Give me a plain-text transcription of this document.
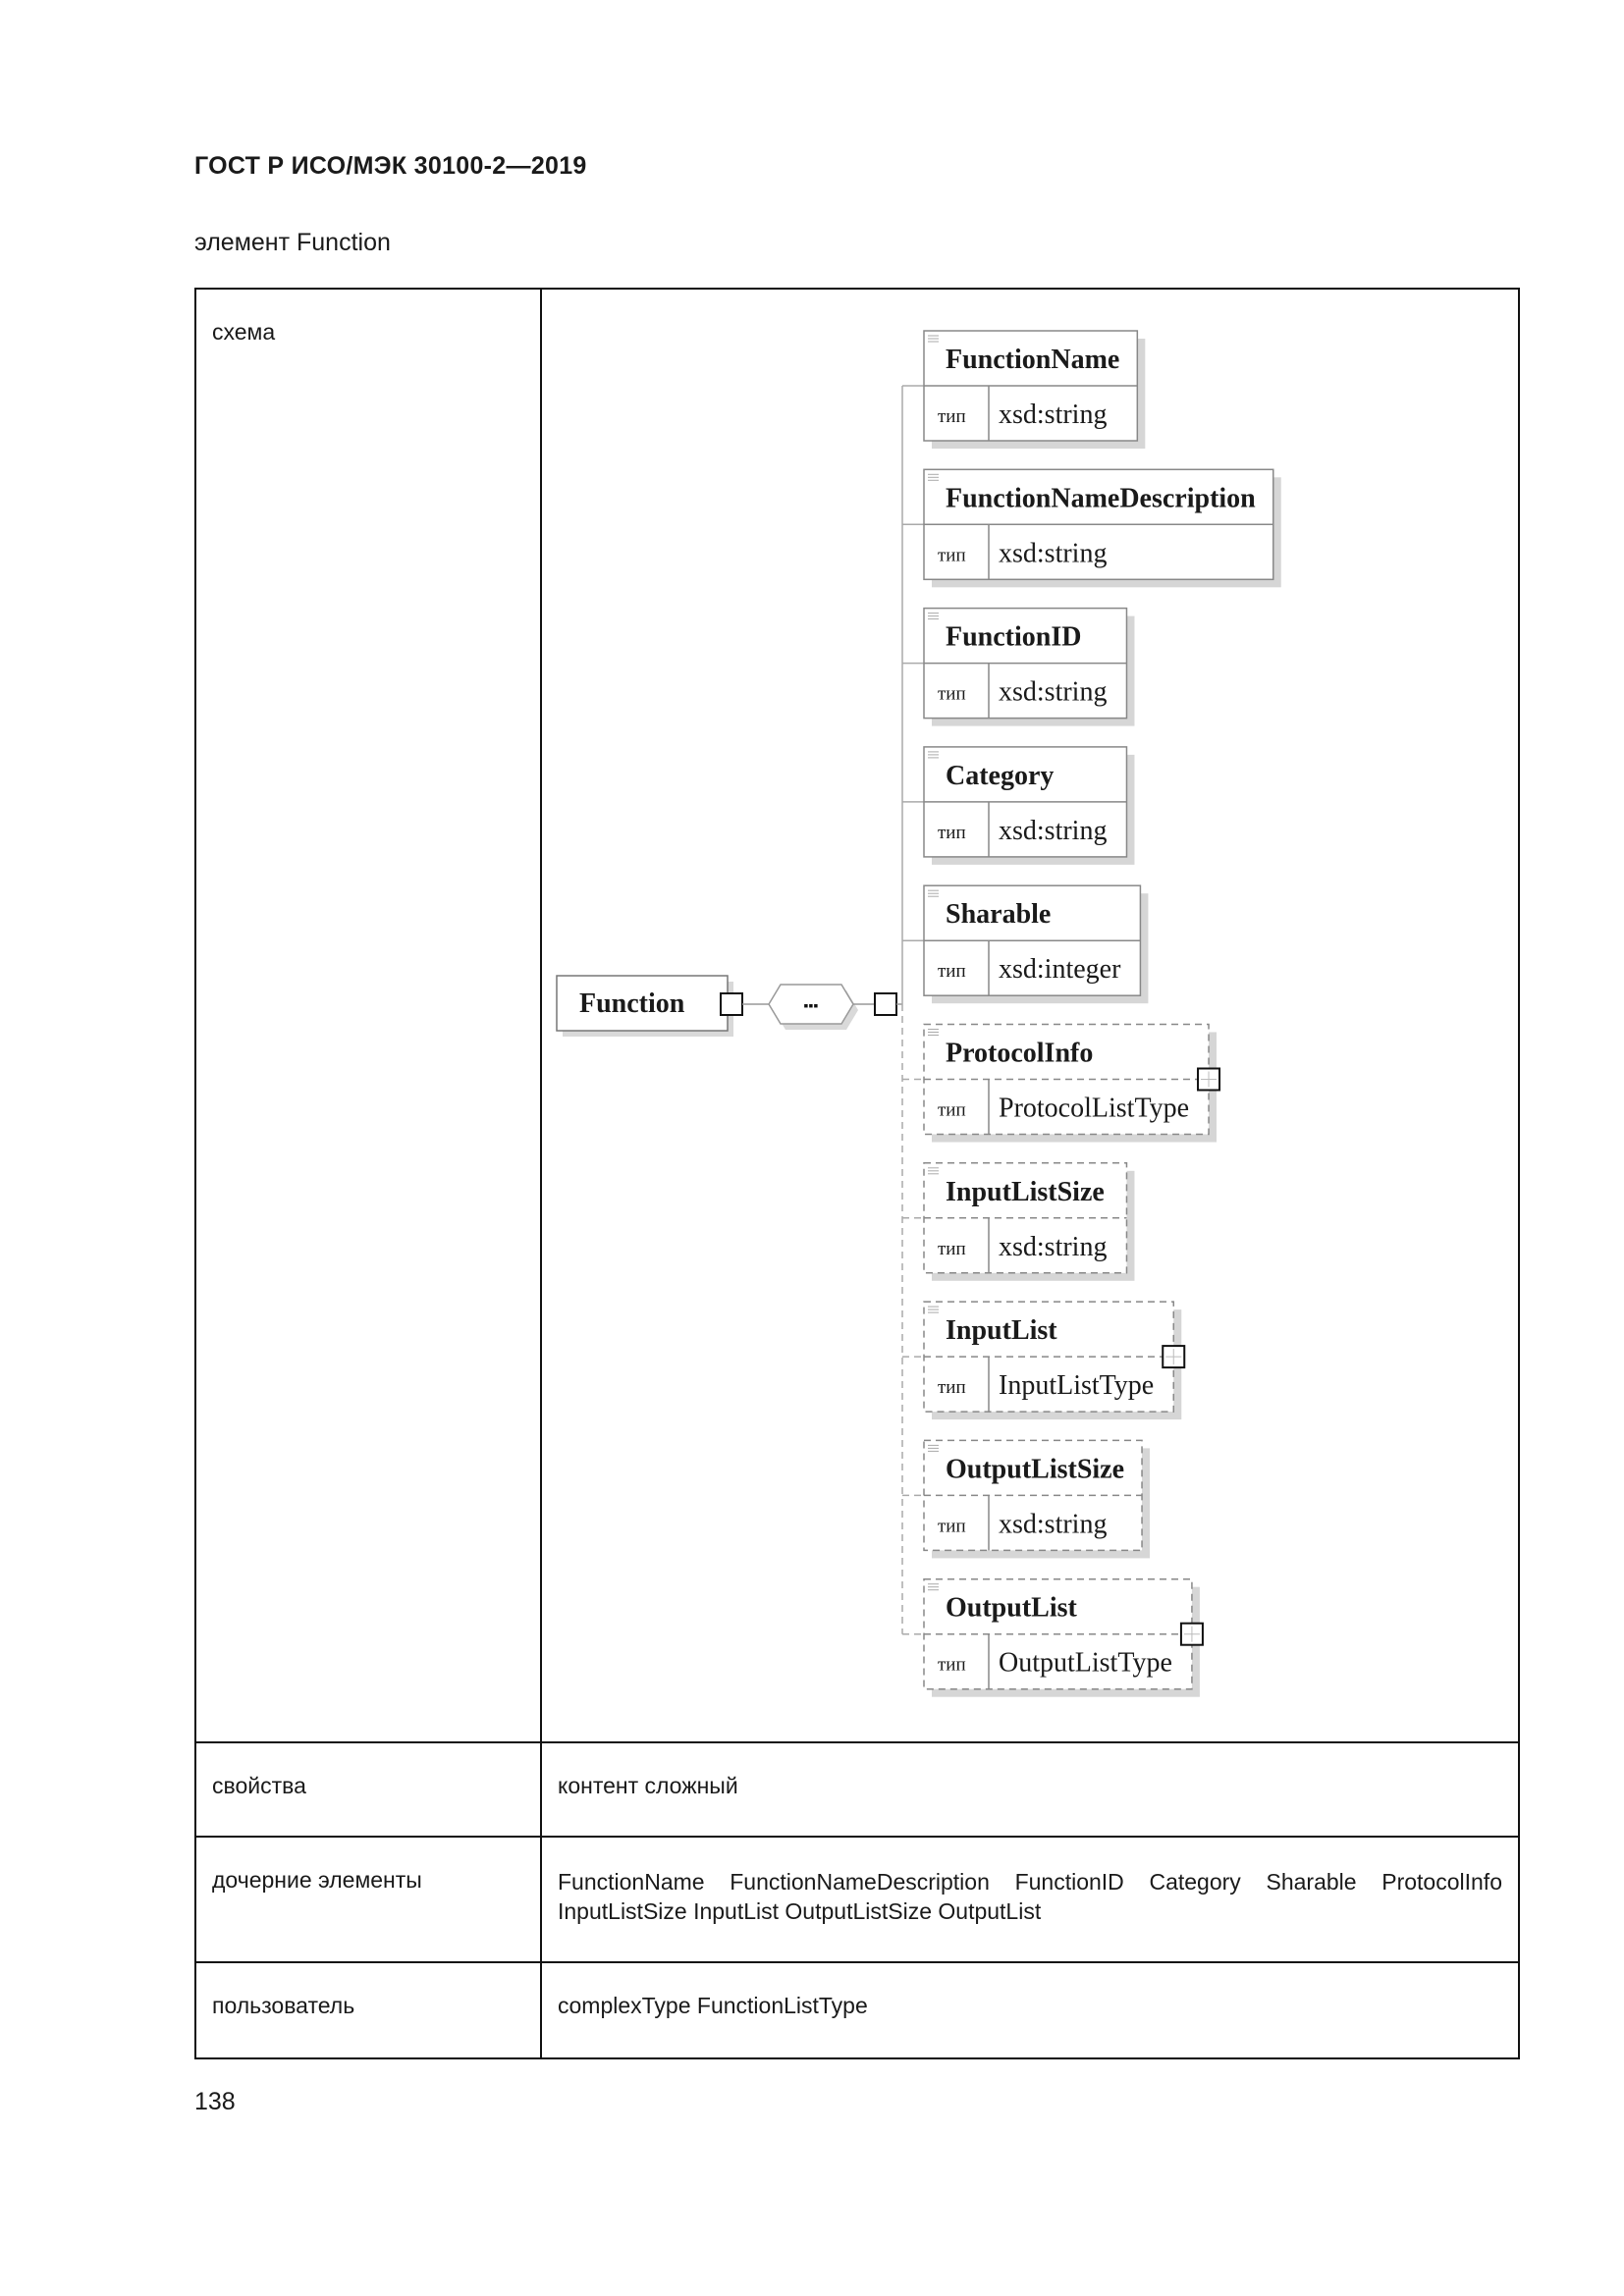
ГОСТ Р ИСО/МЭК 30100-2—2019
элемент Function
схема
Function	▪▪▪
FunctionName
тип xsd:string
FunctionNameDescription
тип xsd:string
FunctionID
тип xsd:string
Category
тип xsd:string
Sharable
тип xsd:integer
ProtocolInfo
тип ProtocolListType
InputListSize
тип xsd:string
InputList
тип InputListType
OutputListSize
тип xsd:string
OutputList
тип OutputListType
свойства	контент сложный
дочерние элементы	FunctionName FunctionNameDescription FunctionID Category Sharable ProtocolInfo InputListSize InputList OutputListSize OutputList
пользователь	complexType FunctionListType
138
